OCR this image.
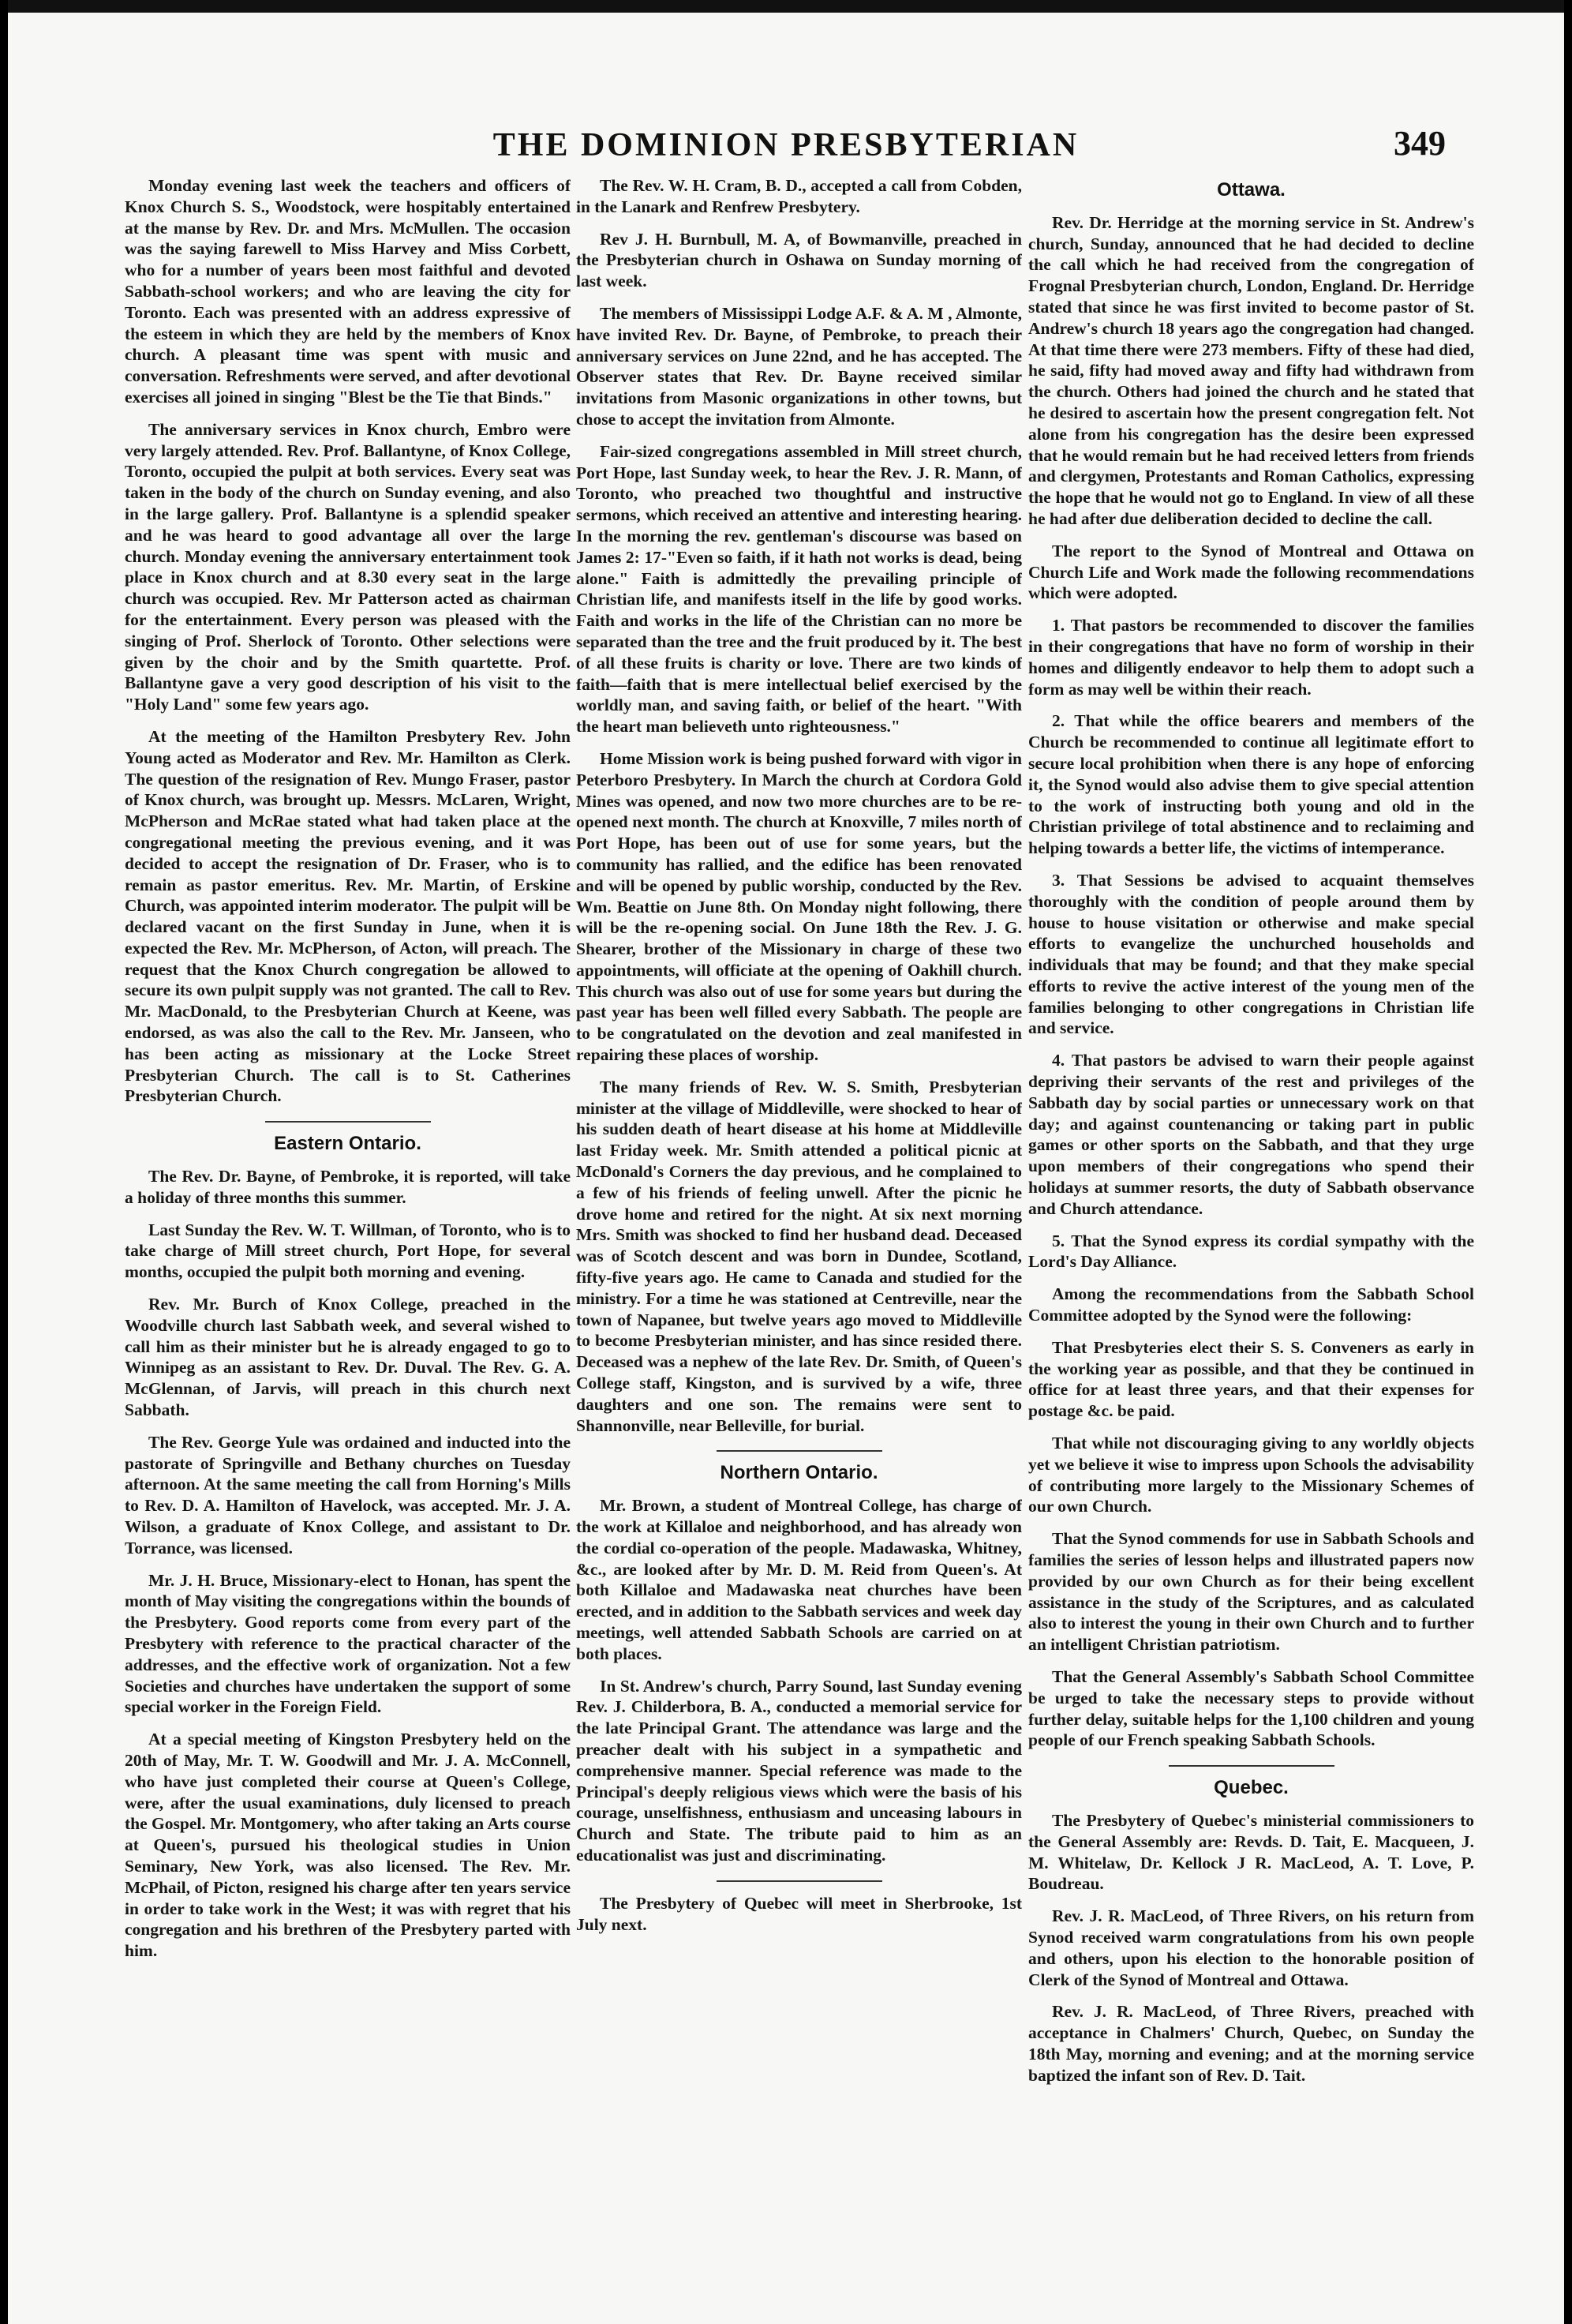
THE DOMINION PRESBYTERIAN	349

Monday evening last week the teachers and officers of Knox Church S. S., Woodstock, were hospitably entertained at the manse by Rev. Dr. and Mrs. McMullen. The occasion was the saying farewell to Miss Harvey and Miss Corbett, who for a number of years been most faithful and devoted Sabbath-school workers; and who are leaving the city for Toronto. Each was presented with an address expressive of the esteem in which they are held by the members of Knox church. A pleasant time was spent with music and conversation. Refreshments were served, and after devotional exercises all joined in singing "Blest be the Tie that Binds."

The anniversary services in Knox church, Embro were very largely attended. Rev. Prof. Ballantyne, of Knox College, Toronto, occupied the pulpit at both services. Every seat was taken in the body of the church on Sunday evening, and also in the large gallery. Prof. Ballantyne is a splendid speaker and he was heard to good advantage all over the large church. Monday evening the anniversary entertainment took place in Knox church and at 8.30 every seat in the large church was occupied. Rev. Mr Patterson acted as chairman for the entertainment. Every person was pleased with the singing of Prof. Sherlock of Toronto. Other selections were given by the choir and by the Smith quartette. Prof. Ballantyne gave a very good description of his visit to the "Holy Land" some few years ago.

At the meeting of the Hamilton Presbytery Rev. John Young acted as Moderator and Rev. Mr. Hamilton as Clerk. The question of the resignation of Rev. Mungo Fraser, pastor of Knox church, was brought up. Messrs. McLaren, Wright, McPherson and McRae stated what had taken place at the congregational meeting the previous evening, and it was decided to accept the resignation of Dr. Fraser, who is to remain as pastor emeritus. Rev. Mr. Martin, of Erskine Church, was appointed interim moderator. The pulpit will be declared vacant on the first Sunday in June, when it is expected the Rev. Mr. McPherson, of Acton, will preach. The request that the Knox Church congregation be allowed to secure its own pulpit supply was not granted. The call to Rev. Mr. MacDonald, to the Presbyterian Church at Keene, was endorsed, as was also the call to the Rev. Mr. Janseen, who has been acting as missionary at the Locke Street Presbyterian Church. The call is to St. Catherines Presbyterian Church.

Eastern Ontario.

The Rev. Dr. Bayne, of Pembroke, it is reported, will take a holiday of three months this summer.

Last Sunday the Rev. W. T. Willman, of Toronto, who is to take charge of Mill street church, Port Hope, for several months, occupied the pulpit both morning and evening.

Rev. Mr. Burch of Knox College, preached in the Woodville church last Sabbath week, and several wished to call him as their minister but he is already engaged to go to Winnipeg as an assistant to Rev. Dr. Duval. The Rev. G. A. McGlennan, of Jarvis, will preach in this church next Sabbath.

The Rev. George Yule was ordained and inducted into the pastorate of Springville and Bethany churches on Tuesday afternoon. At the same meeting the call from Horning's Mills to Rev. D. A. Hamilton of Havelock, was accepted. Mr. J. A. Wilson, a graduate of Knox College, and assistant to Dr. Torrance, was licensed.

Mr. J. H. Bruce, Missionary-elect to Honan, has spent the month of May visiting the congregations within the bounds of the Presbytery. Good reports come from every part of the Presbytery with reference to the practical character of the addresses, and the effective work of organization. Not a few Societies and churches have undertaken the support of some special worker in the Foreign Field.

At a special meeting of Kingston Presbytery held on the 20th of May, Mr. T. W. Goodwill and Mr. J. A. McConnell, who have just completed their course at Queen's College, were, after the usual examinations, duly licensed to preach the Gospel. Mr. Montgomery, who after taking an Arts course at Queen's, pursued his theological studies in Union Seminary, New York, was also licensed. The Rev. Mr. McPhail, of Picton, resigned his charge after ten years service in order to take work in the West; it was with regret that his congregation and his brethren of the Presbytery parted with him.

The Rev. W. H. Cram, B. D., accepted a call from Cobden, in the Lanark and Renfrew Presbytery.

Rev J. H. Burnbull, M. A, of Bowmanville, preached in the Presbyterian church in Oshawa on Sunday morning of last week.

The members of Mississippi Lodge A.F. & A. M , Almonte, have invited Rev. Dr. Bayne, of Pembroke, to preach their anniversary services on June 22nd, and he has accepted. The Observer states that Rev. Dr. Bayne received similar invitations from Masonic organizations in other towns, but chose to accept the invitation from Almonte.

Fair-sized congregations assembled in Mill street church, Port Hope, last Sunday week, to hear the Rev. J. R. Mann, of Toronto, who preached two thoughtful and instructive sermons, which received an attentive and interesting hearing. In the morning the rev. gentleman's discourse was based on James 2: 17-"Even so faith, if it hath not works is dead, being alone." Faith is admittedly the prevailing principle of Christian life, and manifests itself in the life by good works. Faith and works in the life of the Christian can no more be separated than the tree and the fruit produced by it. The best of all these fruits is charity or love. There are two kinds of faith—faith that is mere intellectual belief exercised by the worldly man, and saving faith, or belief of the heart. "With the heart man believeth unto righteousness."

Home Mission work is being pushed forward with vigor in Peterboro Presbytery. In March the church at Cordora Gold Mines was opened, and now two more churches are to be re-opened next month. The church at Knoxville, 7 miles north of Port Hope, has been out of use for some years, but the community has rallied, and the edifice has been renovated and will be opened by public worship, conducted by the Rev. Wm. Beattie on June 8th. On Monday night following, there will be the re-opening social. On June 18th the Rev. J. G. Shearer, brother of the Missionary in charge of these two appointments, will officiate at the opening of Oakhill church. This church was also out of use for some years but during the past year has been well filled every Sabbath. The people are to be congratulated on the devotion and zeal manifested in repairing these places of worship.

The many friends of Rev. W. S. Smith, Presbyterian minister at the village of Middleville, were shocked to hear of his sudden death of heart disease at his home at Middleville last Friday week. Mr. Smith attended a political picnic at McDonald's Corners the day previous, and he complained to a few of his friends of feeling unwell. After the picnic he drove home and retired for the night. At six next morning Mrs. Smith was shocked to find her husband dead. Deceased was of Scotch descent and was born in Dundee, Scotland, fifty-five years ago. He came to Canada and studied for the ministry. For a time he was stationed at Centreville, near the town of Napanee, but twelve years ago moved to Middleville to become Presbyterian minister, and has since resided there. Deceased was a nephew of the late Rev. Dr. Smith, of Queen's College staff, Kingston, and is survived by a wife, three daughters and one son. The remains were sent to Shannonville, near Belleville, for burial.

Northern Ontario.

Mr. Brown, a student of Montreal College, has charge of the work at Killaloe and neighborhood, and has already won the cordial co-operation of the people. Madawaska, Whitney, &c., are looked after by Mr. D. M. Reid from Queen's. At both Killaloe and Madawaska neat churches have been erected, and in addition to the Sabbath services and week day meetings, well attended Sabbath Schools are carried on at both places.

In St. Andrew's church, Parry Sound, last Sunday evening Rev. J. Childerbora, B. A., conducted a memorial service for the late Principal Grant. The attendance was large and the preacher dealt with his subject in a sympathetic and comprehensive manner. Special reference was made to the Principal's deeply religious views which were the basis of his courage, unselfishness, enthusiasm and unceasing labours in Church and State. The tribute paid to him as an educationalist was just and discriminating.

The Presbytery of Quebec will meet in Sherbrooke, 1st July next.

Ottawa.

Rev. Dr. Herridge at the morning service in St. Andrew's church, Sunday, announced that he had decided to decline the call which he had received from the congregation of Frognal Presbyterian church, London, England. Dr. Herridge stated that since he was first invited to become pastor of St. Andrew's church 18 years ago the congregation had changed. At that time there were 273 members. Fifty of these had died, he said, fifty had moved away and fifty had withdrawn from the church. Others had joined the church and he stated that he desired to ascertain how the present congregation felt. Not alone from his congregation has the desire been expressed that he would remain but he had received letters from friends and clergymen, Protestants and Roman Catholics, expressing the hope that he would not go to England. In view of all these he had after due deliberation decided to decline the call.

The report to the Synod of Montreal and Ottawa on Church Life and Work made the following recommendations which were adopted.

1. That pastors be recommended to discover the families in their congregations that have no form of worship in their homes and diligently endeavor to help them to adopt such a form as may well be within their reach.

2. That while the office bearers and members of the Church be recommended to continue all legitimate effort to secure local prohibition when there is any hope of enforcing it, the Synod would also advise them to give special attention to the work of instructing both young and old in the Christian privilege of total abstinence and to reclaiming and helping towards a better life, the victims of intemperance.

3. That Sessions be advised to acquaint themselves thoroughly with the condition of people around them by house to house visitation or otherwise and make special efforts to evangelize the unchurched households and individuals that may be found; and that they make special efforts to revive the active interest of the young men of the families belonging to other congregations in Christian life and service.

4. That pastors be advised to warn their people against depriving their servants of the rest and privileges of the Sabbath day by social parties or unnecessary work on that day; and against countenancing or taking part in public games or other sports on the Sabbath, and that they urge upon members of their congregations who spend their holidays at summer resorts, the duty of Sabbath observance and Church attendance.

5. That the Synod express its cordial sympathy with the Lord's Day Alliance.

Among the recommendations from the Sabbath School Committee adopted by the Synod were the following:

That Presbyteries elect their S. S. Conveners as early in the working year as possible, and that they be continued in office for at least three years, and that their expenses for postage &c. be paid.

That while not discouraging giving to any worldly objects yet we believe it wise to impress upon Schools the advisability of contributing more largely to the Missionary Schemes of our own Church.

That the Synod commends for use in Sabbath Schools and families the series of lesson helps and illustrated papers now provided by our own Church as for their being excellent assistance in the study of the Scriptures, and as calculated also to interest the young in their own Church and to further an intelligent Christian patriotism.

That the General Assembly's Sabbath School Committee be urged to take the necessary steps to provide without further delay, suitable helps for the 1,100 children and young people of our French speaking Sabbath Schools.

Quebec.

The Presbytery of Quebec's ministerial commissioners to the General Assembly are: Revds. D. Tait, E. Macqueen, J. M. Whitelaw, Dr. Kellock J R. MacLeod, A. T. Love, P. Boudreau.

Rev. J. R. MacLeod, of Three Rivers, on his return from Synod received warm congratulations from his own people and others, upon his election to the honorable position of Clerk of the Synod of Montreal and Ottawa.

Rev. J. R. MacLeod, of Three Rivers, preached with acceptance in Chalmers' Church, Quebec, on Sunday the 18th May, morning and evening; and at the morning service baptized the infant son of Rev. D. Tait.
